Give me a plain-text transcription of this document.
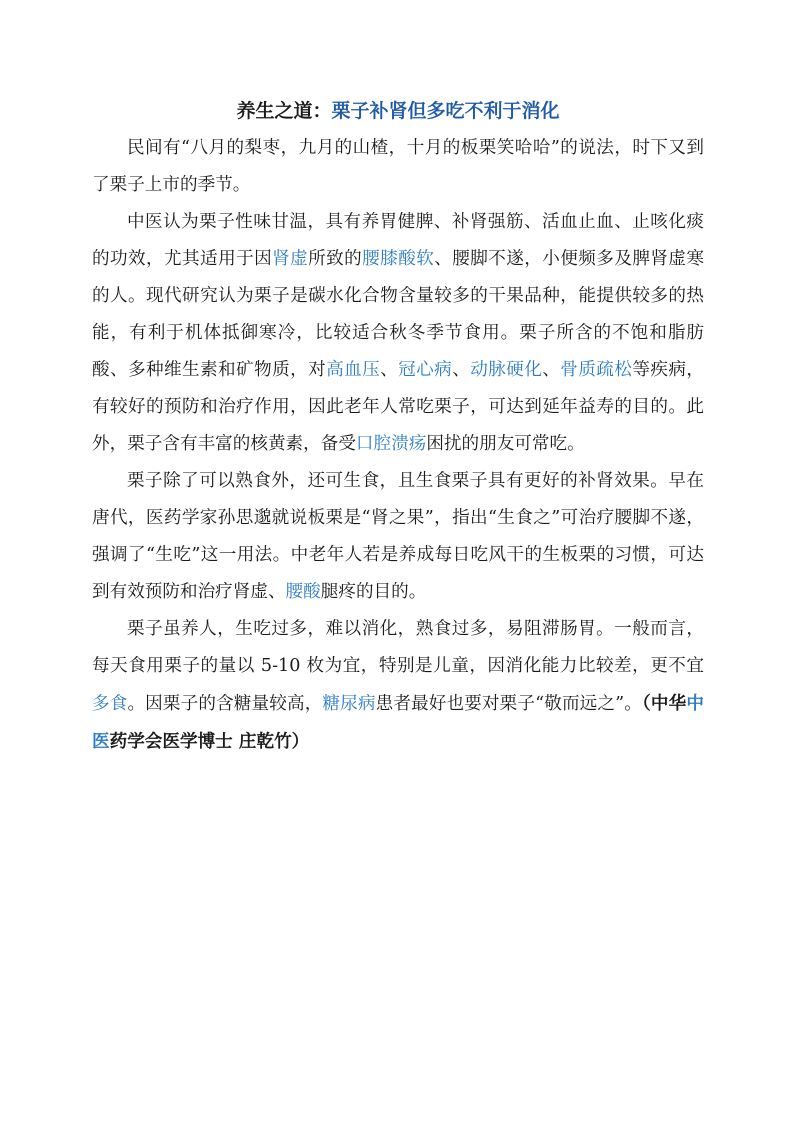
养生之道：栗子补肾但多吃不利于消化

民间有“八月的梨枣，九月的山楂，十月的板栗笑哈哈”的说法，时下又到了栗子上市的季节。

中医认为栗子性味甘温，具有养胃健脾、补肾强筋、活血止血、止咳化痰的功效，尤其适用于因肾虚所致的腰膝酸软、腰脚不遂，小便频多及脾肾虚寒的人。现代研究认为栗子是碳水化合物含量较多的干果品种，能提供较多的热能，有利于机体抵御寒冷，比较适合秋冬季节食用。栗子所含的不饱和脂肪酸、多种维生素和矿物质，对高血压、冠心病、动脉硬化、骨质疏松等疾病，有较好的预防和治疗作用，因此老年人常吃栗子，可达到延年益寿的目的。此外，栗子含有丰富的核黄素，备受口腔溃疡困扰的朋友可常吃。

栗子除了可以熟食外，还可生食，且生食栗子具有更好的补肾效果。早在唐代，医药学家孙思邈就说板栗是“肾之果”，指出“生食之”可治疗腰脚不遂，强调了“生吃”这一用法。中老年人若是养成每日吃风干的生板栗的习惯，可达到有效预防和治疗肾虚、腰酸腿疼的目的。

栗子虽养人，生吃过多，难以消化，熟食过多，易阻滞肠胃。一般而言，每天食用栗子的量以 5-10 枚为宜，特别是儿童，因消化能力比较差，更不宜多食。因栗子的含糖量较高，糖尿病患者最好也要对栗子“敬而远之”。（中华中医药学会医学博士 庄乾竹）
